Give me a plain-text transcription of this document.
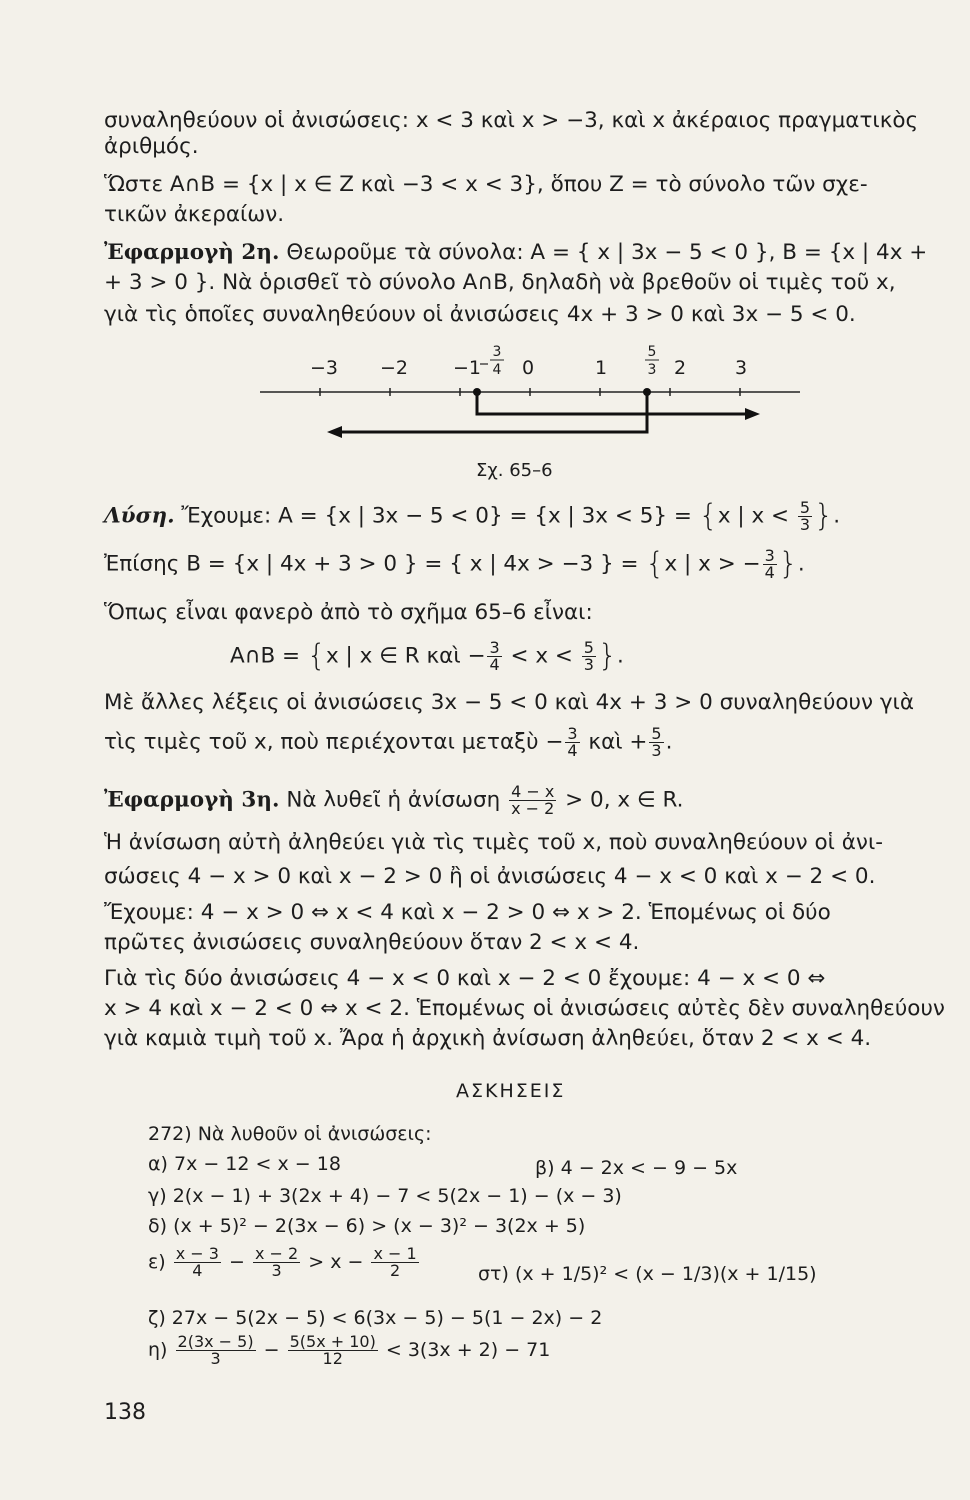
συναληθεύουν οἱ ἀνισώσεις: x < 3 καὶ x > −3, καὶ x ἀκέραιος πραγματικὸς
ἀριθμός.
Ὥστε A∩B = {x | x ∈ Z καὶ −3 < x < 3}, ὅπου Z = τὸ σύνολο τῶν σχε-
τικῶν ἀκεραίων.
Ἐφαρμογὴ 2η. Θεωροῦμε τὰ σύνολα: A = { x | 3x − 5 < 0 }, B = {x | 4x +
+ 3 > 0 }. Νὰ ὁρισθεῖ τὸ σύνολο A∩B, δηλαδὴ νὰ βρεθοῦν οἱ τιμὲς τοῦ x,
γιὰ τὶς ὁποῖες συναληθεύουν οἱ ἀνισώσεις 4x + 3 > 0 καὶ 3x − 5 < 0.
−3 −2 −1 0	1	2	3
3
4
5
3
Σχ. 65–6
Λύση. Ἔχουμε: A = {x | 3x − 5 < 0} = {x | 3x < 5} = {x | $x < \frac{5}{3}$ }.
Ἐπίσης B = {x | 4x + 3 > 0 } = { x | 4x > −3 } = {x | x > − $\frac{3}{4}$ }.
Ὅπως εἶναι φανερὸ ἀπὸ τὸ σχῆμα 65–6 εἶναι:
A∩B = {x | x ∈ R καὶ − $\frac{3}{4} < x < \frac{5}{3}$ }.
Μὲ ἄλλες λέξεις οἱ ἀνισώσεις 3x − 5 < 0 καὶ 4x + 3 > 0 συναληθεύουν γιὰ
τὶς τιμὲς τοῦ x, ποὺ περιέχονται μεταξὺ − $\frac{3}{4}$ καὶ + $\frac{5}{3}$ .
Ἐφαρμογὴ 3η. Νὰ λυθεῖ ἡ ἀνίσωση $\frac{4 - x}{x - 2} > 0$, x ∈ R.
Ἡ ἀνίσωση αὐτὴ ἀληθεύει γιὰ τὶς τιμὲς τοῦ x, ποὺ συναληθεύουν οἱ ἀνι-
σώσεις 4 − x > 0 καὶ x − 2 > 0 ἢ οἱ ἀνισώσεις 4 − x < 0 καὶ x − 2 < 0.
Ἔχουμε: 4 − x > 0 ⇔ x < 4 καὶ x − 2 > 0 ⇔ x > 2. Ἑπομένως οἱ δύο
πρῶτες ἀνισώσεις συναληθεύουν ὅταν 2 < x < 4.
Γιὰ τὶς δύο ἀνισώσεις 4 − x < 0 καὶ x − 2 < 0 ἔχουμε: 4 − x < 0 ⇔
x > 4 καὶ x − 2 < 0 ⇔ x < 2. Ἑπομένως οἱ ἀνισώσεις αὐτὲς δὲν συναληθεύουν
γιὰ καμιὰ τιμὴ τοῦ x. Ἄρα ἡ ἀρχικὴ ἀνίσωση ἀληθεύει, ὅταν 2 < x < 4.
ΑΣΚΗΣΕΙΣ
272) Νὰ λυθοῦν οἱ ἀνισώσεις:
α) 7x − 12 < x − 18	β) 4 − 2x < − 9 − 5x
γ) 2(x − 1) + 3(2x + 4) − 7 < 5(2x − 1) − (x − 3)
δ) (x + 5)² − 2(3x − 6) > (x − 3)² − 3(2x + 5)
$\varepsilon) \frac{x - 3}{4} - \frac{x - 2}{3} > x - \frac{x - 1}{2}$	στ) (x + 1/5)² < (x − 1/3)(x + 1/15)
ζ) 27x − 5(2x − 5) < 6(3x − 5) − 5(1 − 2x) − 2
$\eta) \frac{2(3x - 5)}{3} - \frac{5(5x + 10)}{12} < 3(3x + 2) - 71$
138
